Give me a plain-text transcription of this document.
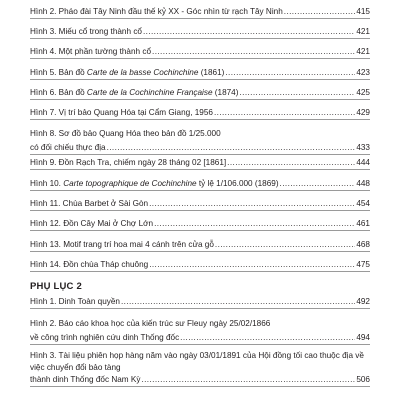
Hình 2. Pháo đài Tây Ninh đầu thế kỷ XX - Góc nhìn từ rạch Tây Ninh .....	415
Hình 3. Miếu cổ trong thành cổ .....	421
Hình 4. Một phần tường thành cổ .....	421
Hình 5. Bản đồ Carte de la basse Cochinchine (1861) .....	423
Hình 6. Bản đồ Carte de la Cochinchine Française (1874) .....	425
Hình 7. Vị trí bảo Quang Hóa tại Cẩm Giang, 1956 .....	429
Hình 8. Sơ đồ bảo Quang Hóa theo bản đồ 1/25.000
có đối chiếu thực địa .....	433
Hình 9. Đồn Rạch Tra, chiếm ngày 28 tháng 02 [1861] .....	444
Hình 10. Carte topographique de Cochinchine tỷ lệ 1/106.000 (1869) .....	448
Hình 11. Chùa Barbet ở Sài Gòn .....	454
Hình 12. Đồn Cây Mai ở Chợ Lớn .....	461
Hình 13. Motif trang trí hoa mai 4 cánh trên cửa gỗ .....	468
Hình 14. Đồn chùa Tháp chuông .....	475
PHỤ LỤC 2
Hình 1. Dinh Toàn quyền .....	492
Hình 2. Báo cáo khoa học của kiến trúc sư Fleuy ngày 25/02/1866
về công trình nghiên cứu dinh Thống đốc .....	494
Hình 3. Tài liệu phiên họp hàng năm vào ngày 03/01/1891 của Hội đồng tối cao thuộc địa về việc chuyển đổi bảo tàng
thành dinh Thống đốc Nam Kỳ .....	506
